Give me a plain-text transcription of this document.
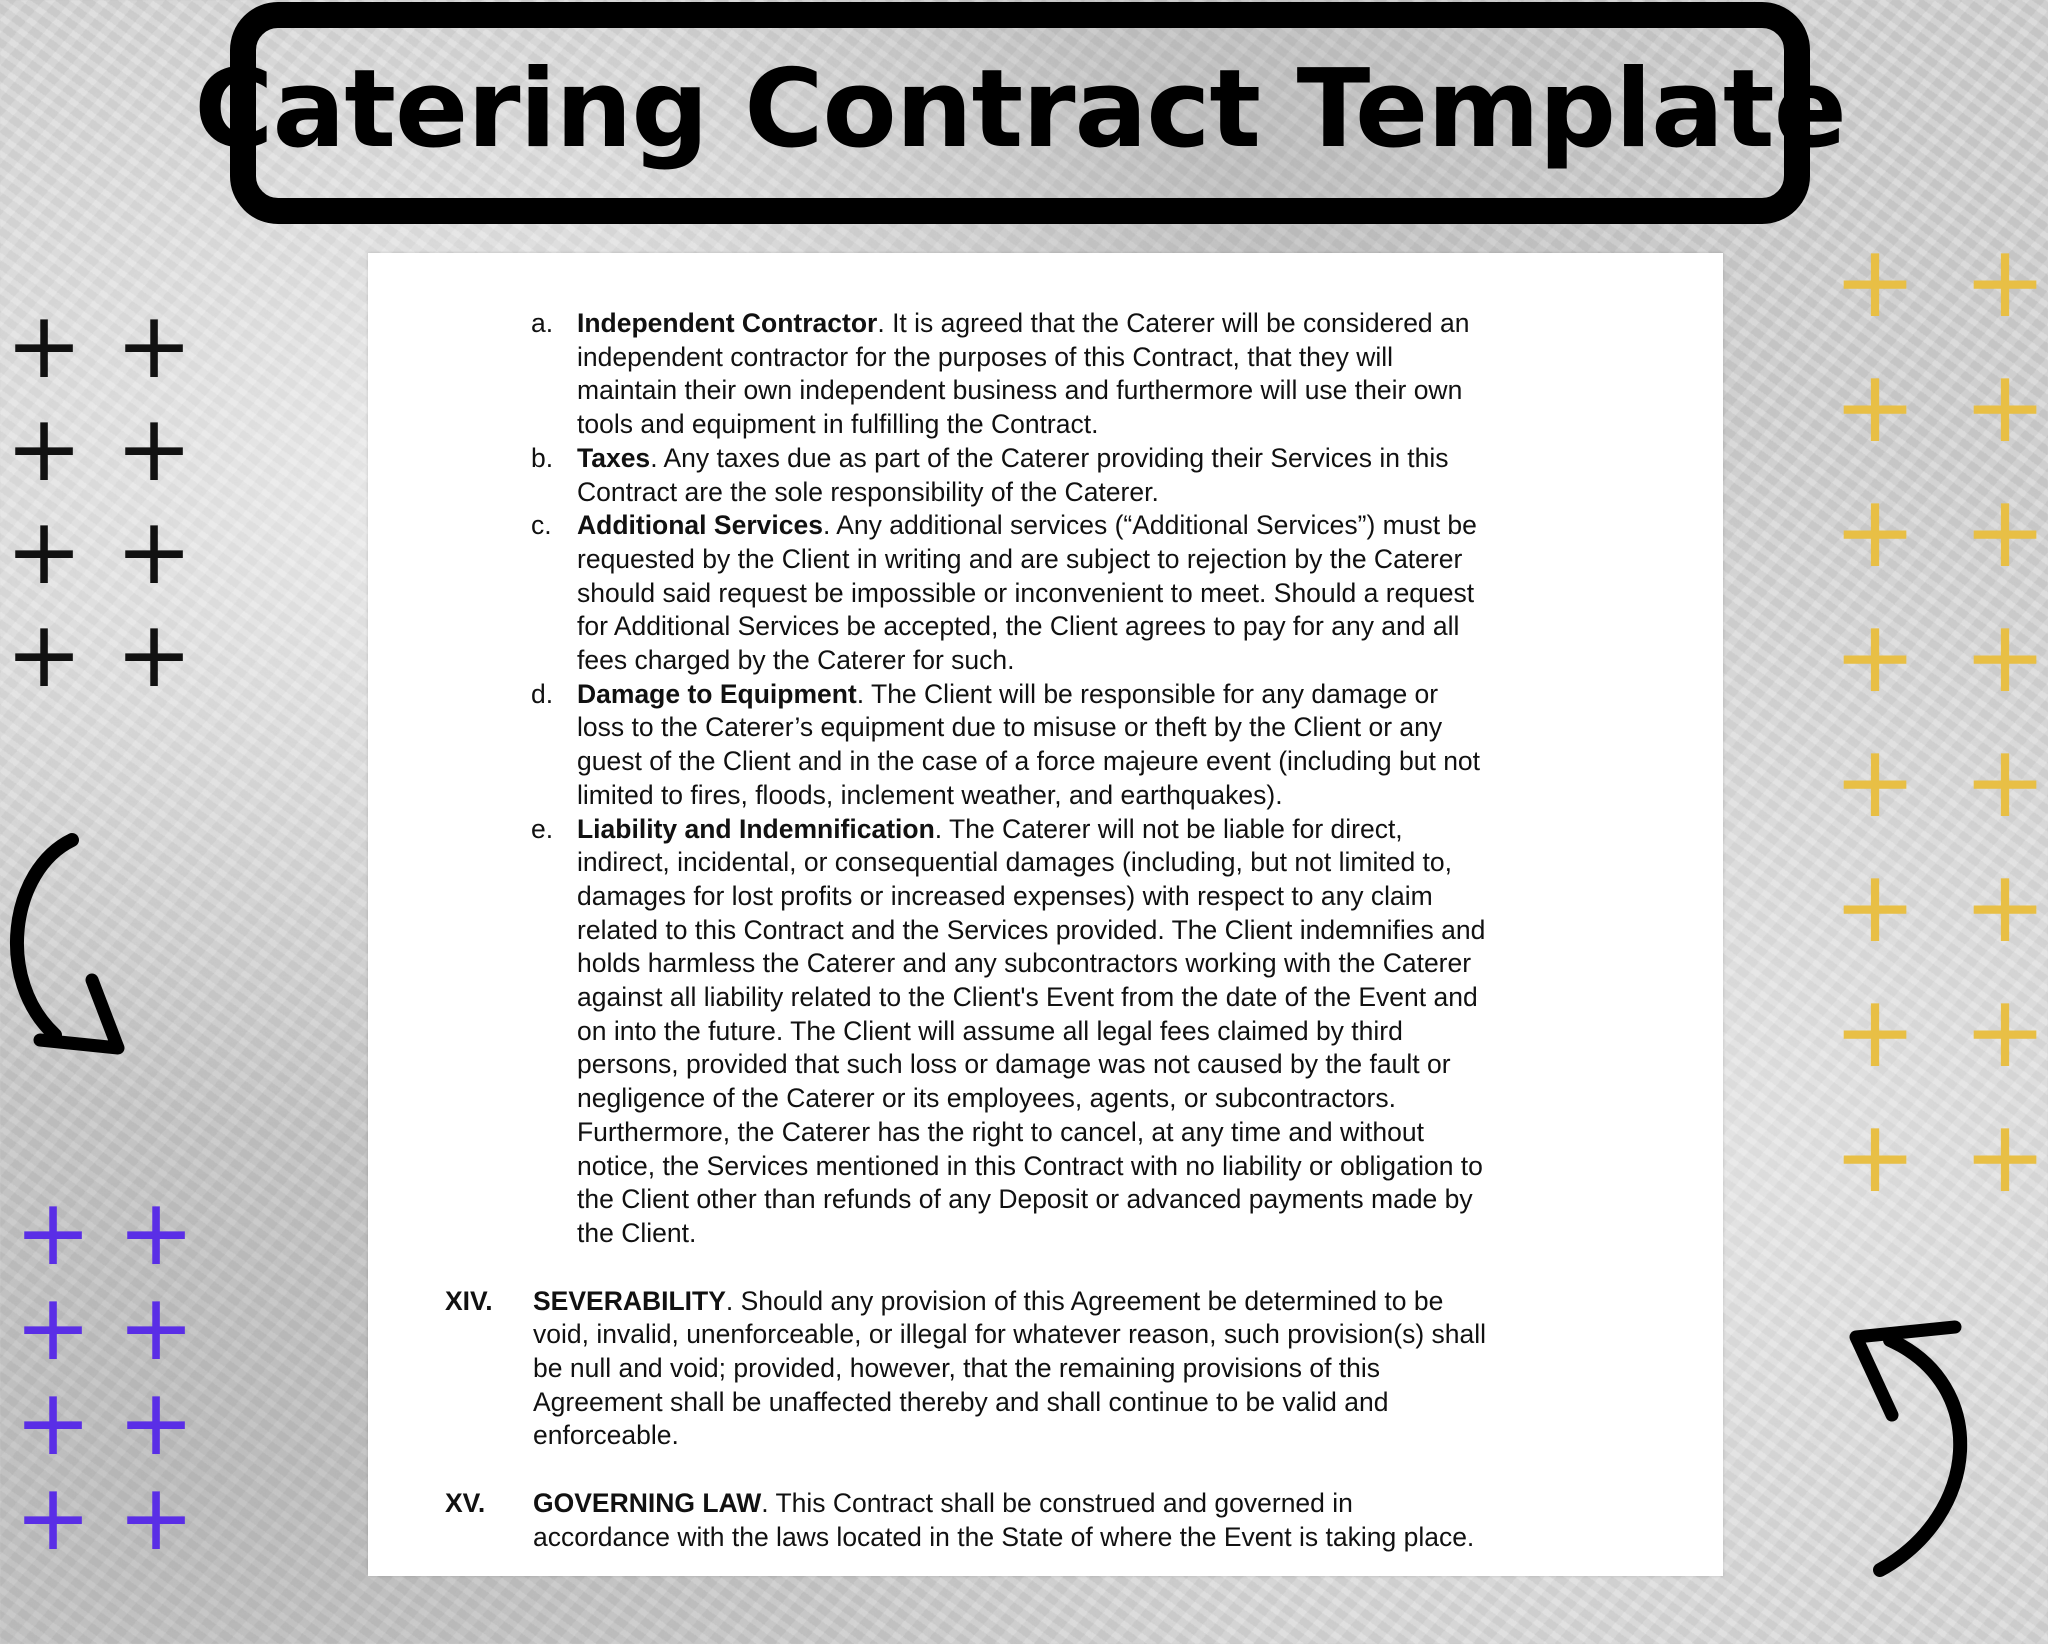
Catering Contract Template
+ +
+ +
+ +
+ +
+ +
+ +
+ +
+ +
+ +
+ +
+ +
+ +
+ +
+ +
+ +
+ +
a. Independent Contractor. It is agreed that the Caterer will be considered an
independent contractor for the purposes of this Contract, that they will
maintain their own independent business and furthermore will use their own
tools and equipment in fulfilling the Contract.
b. Taxes. Any taxes due as part of the Caterer providing their Services in this
Contract are the sole responsibility of the Caterer.
c. Additional Services. Any additional services (“Additional Services”) must be
requested by the Client in writing and are subject to rejection by the Caterer
should said request be impossible or inconvenient to meet. Should a request
for Additional Services be accepted, the Client agrees to pay for any and all
fees charged by the Caterer for such.
d. Damage to Equipment. The Client will be responsible for any damage or
loss to the Caterer’s equipment due to misuse or theft by the Client or any
guest of the Client and in the case of a force majeure event (including but not
limited to fires, floods, inclement weather, and earthquakes).
e. Liability and Indemnification. The Caterer will not be liable for direct,
indirect, incidental, or consequential damages (including, but not limited to,
damages for lost profits or increased expenses) with respect to any claim
related to this Contract and the Services provided. The Client indemnifies and
holds harmless the Caterer and any subcontractors working with the Caterer
against all liability related to the Client's Event from the date of the Event and
on into the future. The Client will assume all legal fees claimed by third
persons, provided that such loss or damage was not caused by the fault or
negligence of the Caterer or its employees, agents, or subcontractors.
Furthermore, the Caterer has the right to cancel, at any time and without
notice, the Services mentioned in this Contract with no liability or obligation to
the Client other than refunds of any Deposit or advanced payments made by
the Client.
XIV. SEVERABILITY. Should any provision of this Agreement be determined to be
void, invalid, unenforceable, or illegal for whatever reason, such provision(s) shall
be null and void; provided, however, that the remaining provisions of this
Agreement shall be unaffected thereby and shall continue to be valid and
enforceable.
XV. GOVERNING LAW. This Contract shall be construed and governed in
accordance with the laws located in the State of where the Event is taking place.
